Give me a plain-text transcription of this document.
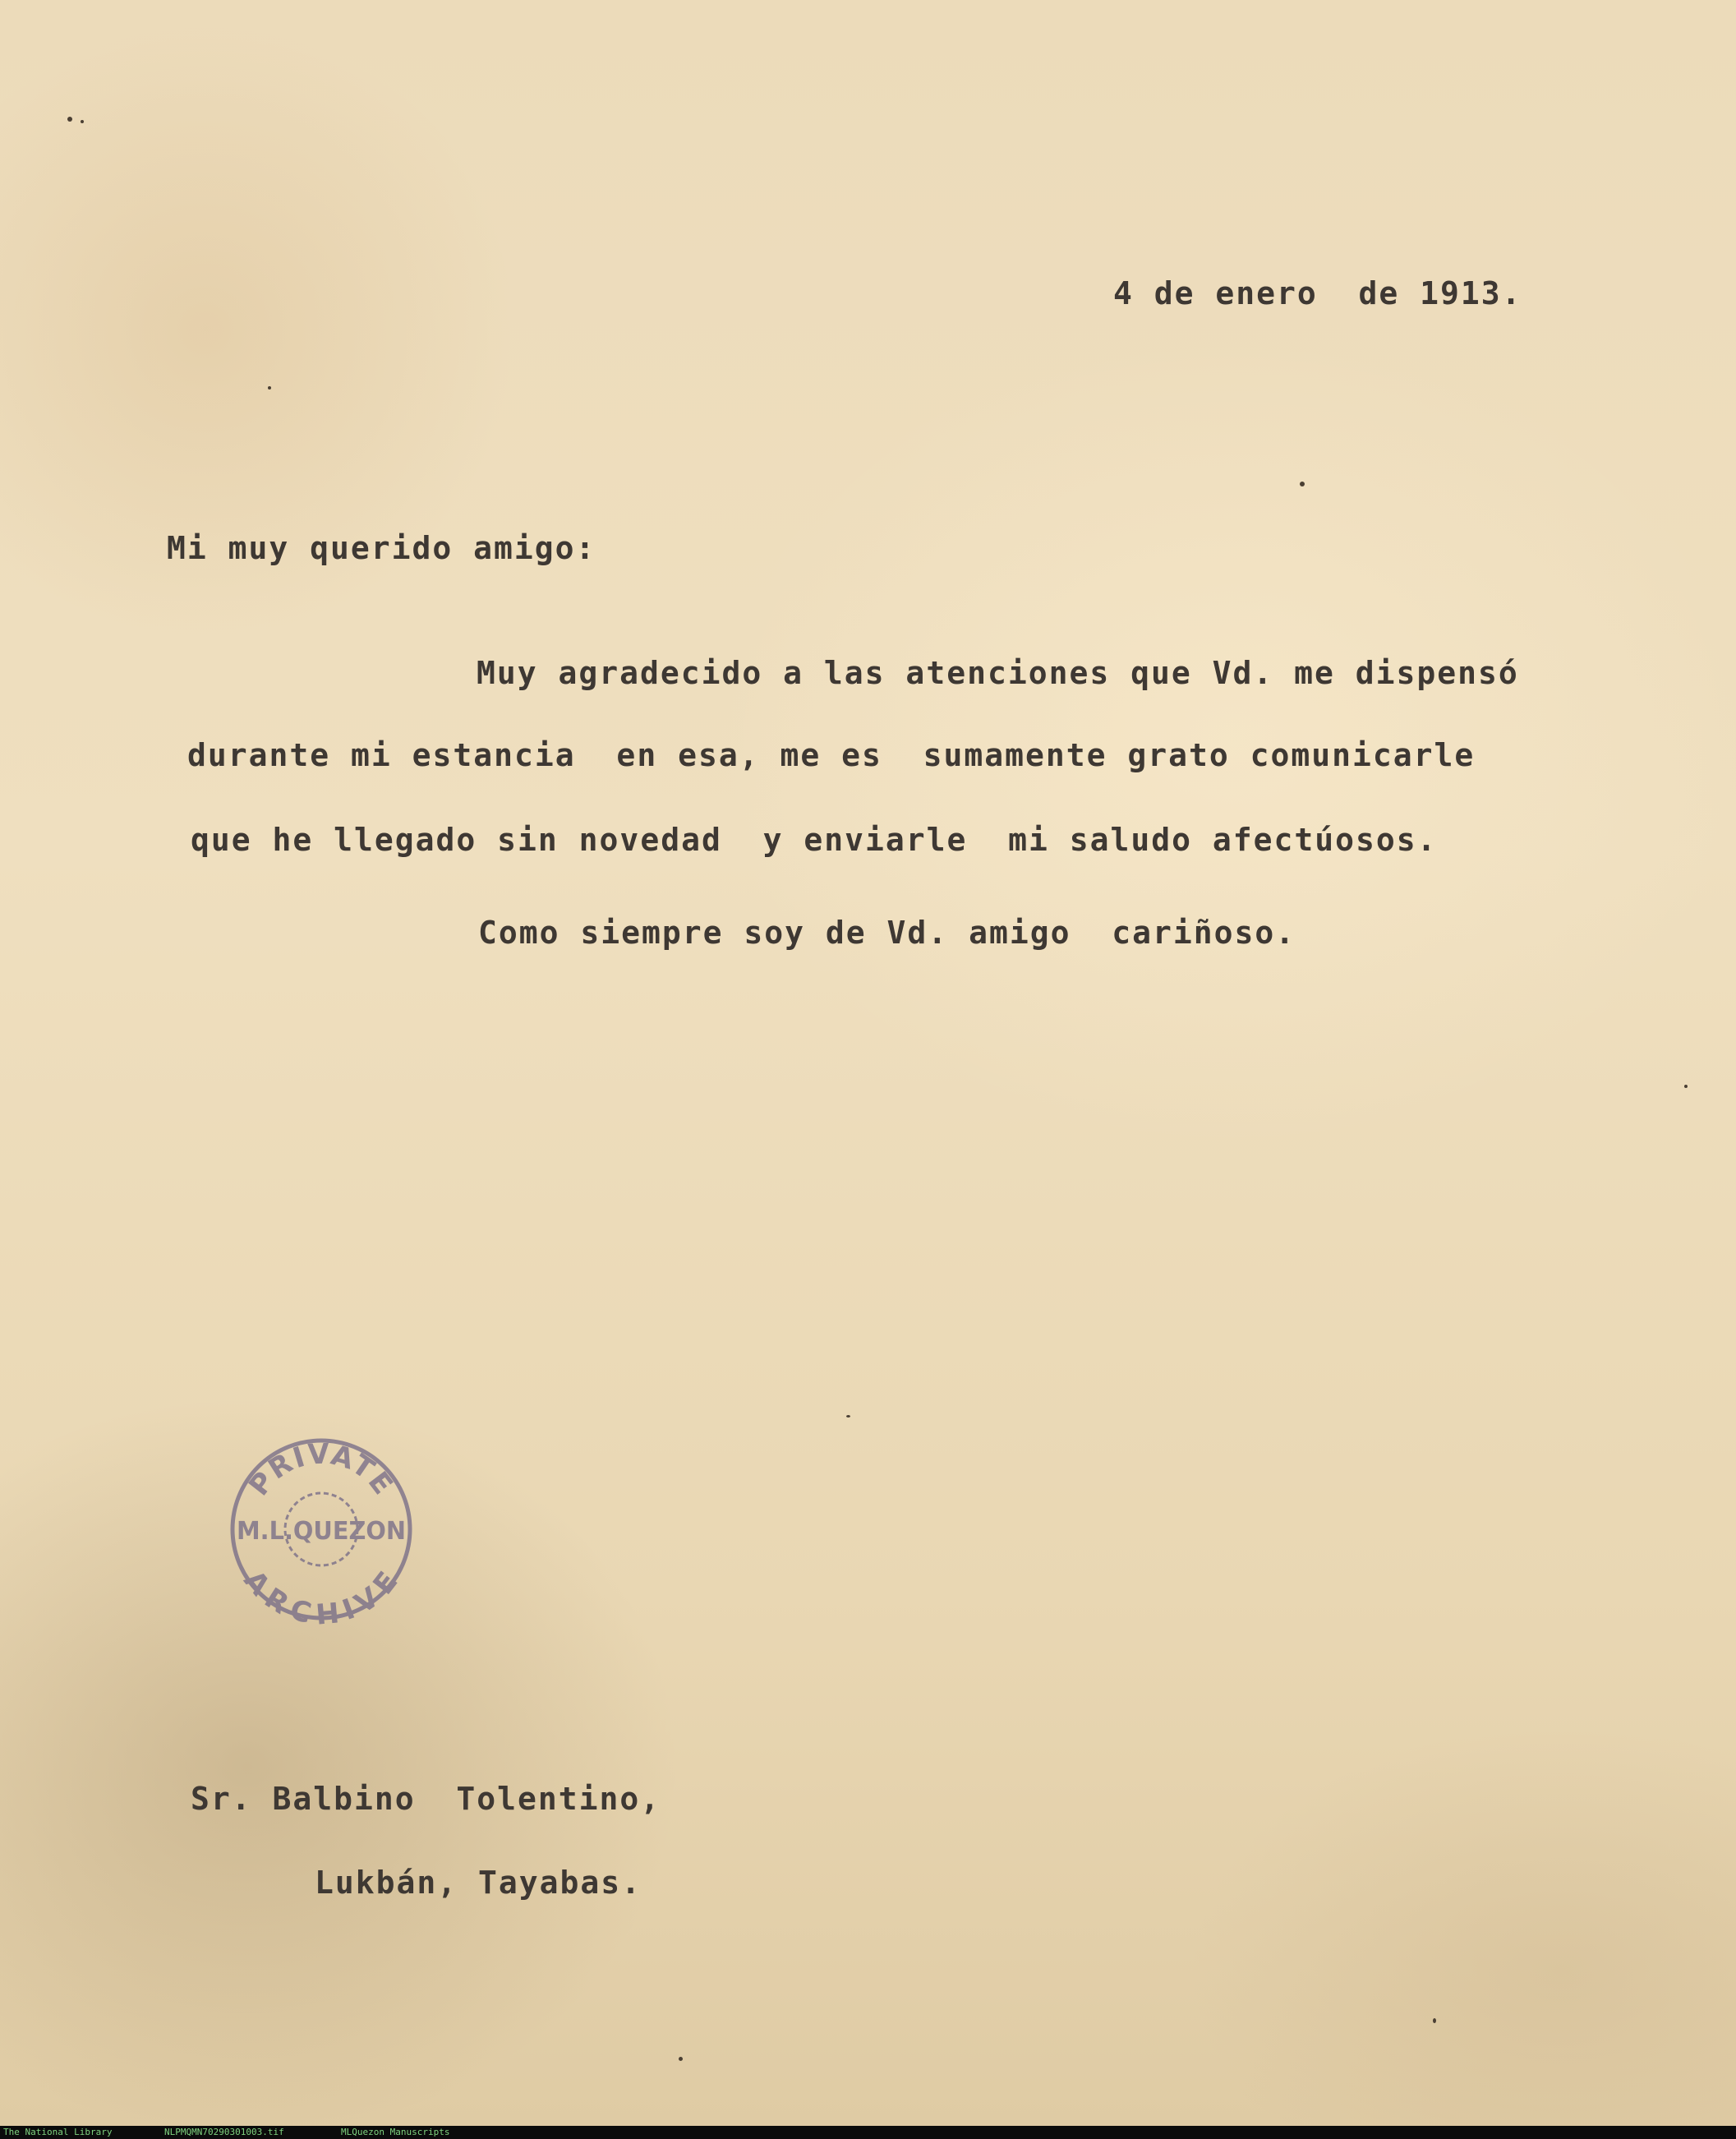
4 de enero  de 1913.

Mi muy querido amigo:

Muy agradecido a las atenciones que Vd. me dispensó

durante mi estancia  en esa, me es  sumamente grato comunicarle

que he llegado sin novedad  y enviarle  mi saludo afectúosos.

Como siempre soy de Vd. amigo  cariñoso.

PRIVATE
M.L.QUEZON
ARCHIVE

Sr. Balbino  Tolentino,

Lukbán, Tayabas.

The National Library	NLPMQMN70290301003.tif	MLQuezon Manuscripts
